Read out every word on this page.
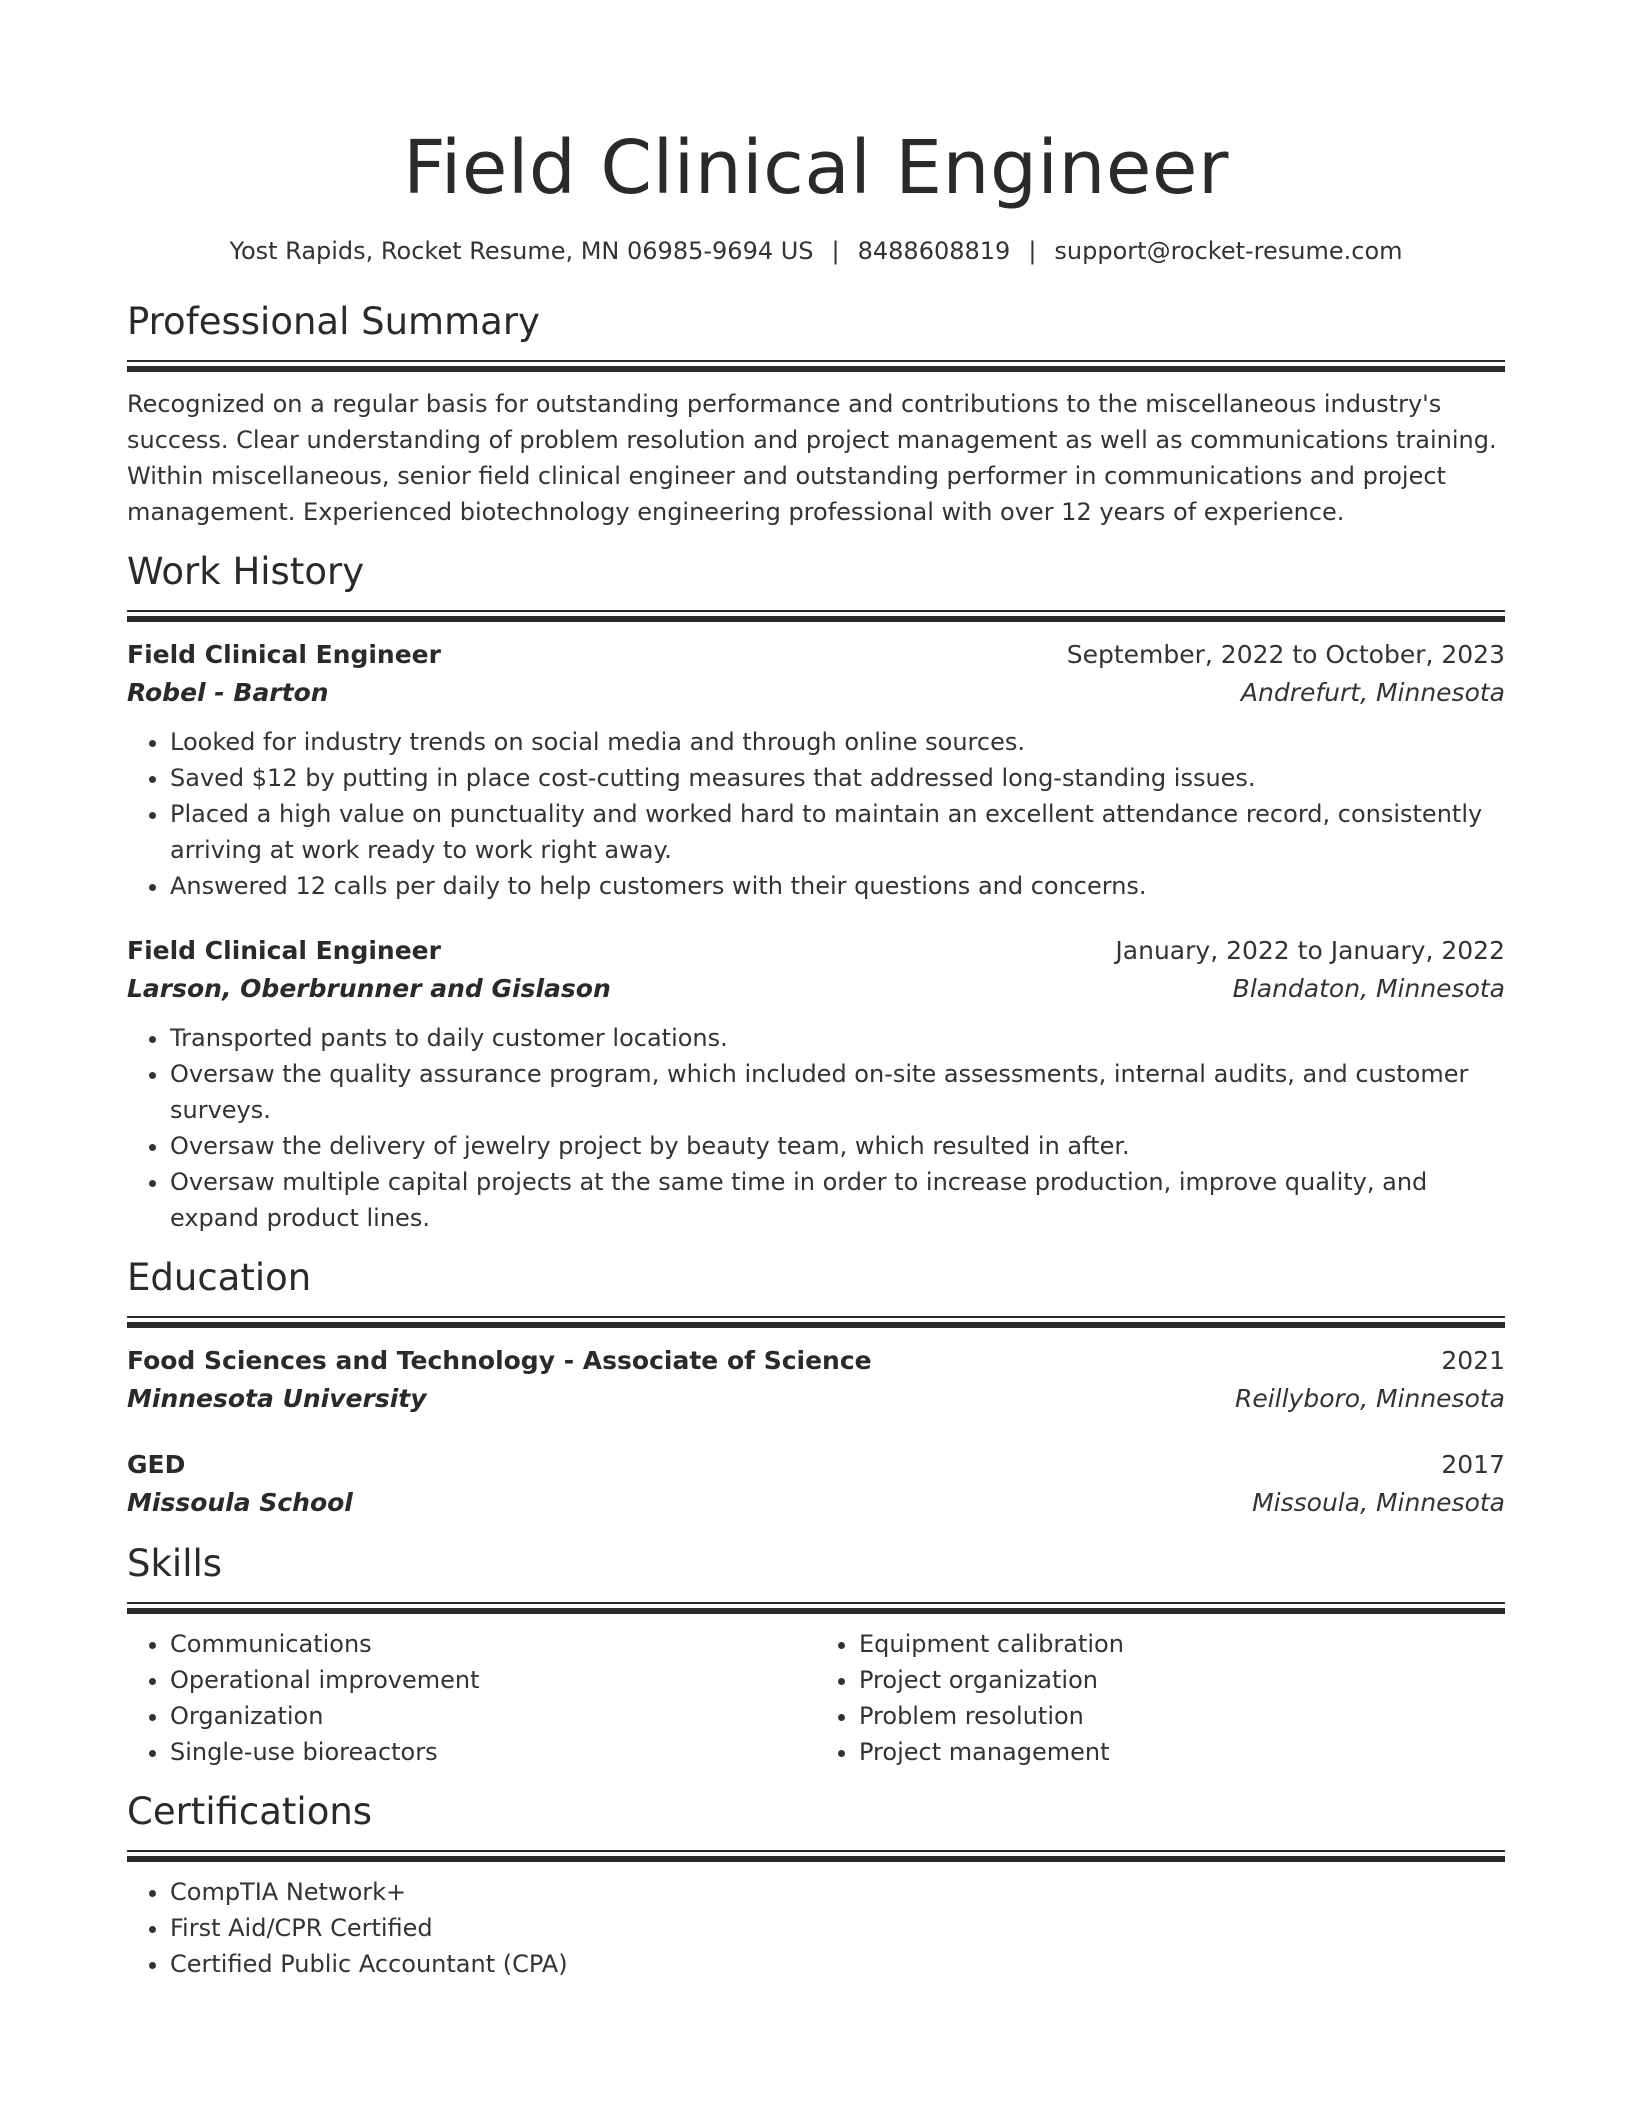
Field Clinical Engineer
Yost Rapids, Rocket Resume, MN 06985-9694 US | 8488608819 | support@rocket-resume.com
Professional Summary
Recognized on a regular basis for outstanding performance and contributions to the miscellaneous industry's success. Clear understanding of problem resolution and project management as well as communications training. Within miscellaneous, senior field clinical engineer and outstanding performer in communications and project management. Experienced biotechnology engineering professional with over 12 years of experience.
Work History
Field Clinical Engineer	September, 2022 to October, 2023
Robel - Barton	Andrefurt, Minnesota
• Looked for industry trends on social media and through online sources.
• Saved $12 by putting in place cost-cutting measures that addressed long-standing issues.
• Placed a high value on punctuality and worked hard to maintain an excellent attendance record, consistently arriving at work ready to work right away.
• Answered 12 calls per daily to help customers with their questions and concerns.
Field Clinical Engineer	January, 2022 to January, 2022
Larson, Oberbrunner and Gislason	Blandaton, Minnesota
• Transported pants to daily customer locations.
• Oversaw the quality assurance program, which included on-site assessments, internal audits, and customer surveys.
• Oversaw the delivery of jewelry project by beauty team, which resulted in after.
• Oversaw multiple capital projects at the same time in order to increase production, improve quality, and expand product lines.
Education
Food Sciences and Technology - Associate of Science	2021
Minnesota University	Reillyboro, Minnesota
GED	2017
Missoula School	Missoula, Minnesota
Skills
• Communications
• Operational improvement
• Organization
• Single-use bioreactors
• Equipment calibration
• Project organization
• Problem resolution
• Project management
Certifications
• CompTIA Network+
• First Aid/CPR Certified
• Certified Public Accountant (CPA)
